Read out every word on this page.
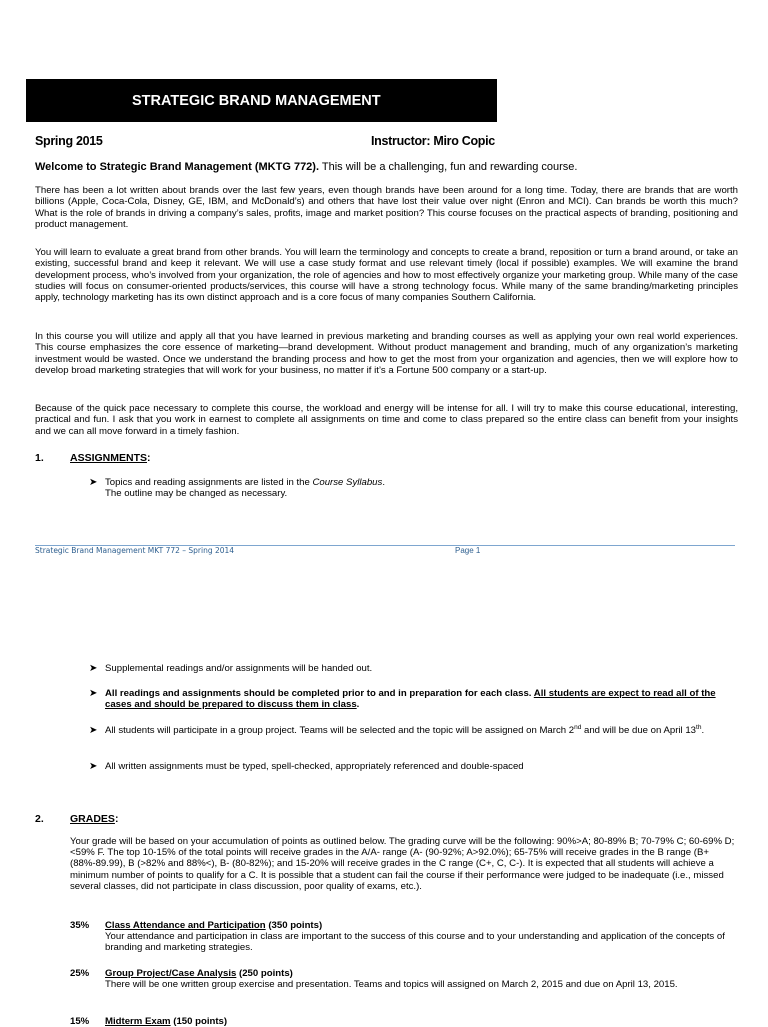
STRATEGIC BRAND MANAGEMENT
Spring 2015	Instructor: Miro Copic
Welcome to Strategic Brand Management (MKTG 772). This will be a challenging, fun and rewarding course.
There has been a lot written about brands over the last few years, even though brands have been around for a long time. Today, there are brands that are worth billions (Apple, Coca-Cola, Disney, GE, IBM, and McDonald’s) and others that have lost their value over night (Enron and MCI). Can brands be worth this much? What is the role of brands in driving a company’s sales, profits, image and market position? This course focuses on the practical aspects of branding, positioning and product management.
You will learn to evaluate a great brand from other brands. You will learn the terminology and concepts to create a brand, reposition or turn a brand around, or take an existing, successful brand and keep it relevant. We will use a case study format and use relevant timely (local if possible) examples. We will examine the brand development process, who’s involved from your organization, the role of agencies and how to most effectively organize your marketing group. While many of the case studies will focus on consumer-oriented products/services, this course will have a strong technology focus. While many of the same branding/marketing principles apply, technology marketing has its own distinct approach and is a core focus of many companies Southern California.
In this course you will utilize and apply all that you have learned in previous marketing and branding courses as well as applying your own real world experiences. This course emphasizes the core essence of marketing—brand development. Without product management and branding, much of any organization’s marketing investment would be wasted. Once we understand the branding process and how to get the most from your organization and agencies, then we will explore how to develop broad marketing strategies that will work for your business, no matter if it’s a Fortune 500 company or a start-up.
Because of the quick pace necessary to complete this course, the workload and energy will be intense for all. I will try to make this course educational, interesting, practical and fun. I ask that you work in earnest to complete all assignments on time and come to class prepared so the entire class can benefit from your insights and we can all move forward in a timely fashion.
1. ASSIGNMENTS:
➤ Topics and reading assignments are listed in the Course Syllabus.
The outline may be changed as necessary.
Strategic Brand Management MKT 772 – Spring 2014	Page 1
➤ Supplemental readings and/or assignments will be handed out.
➤ All readings and assignments should be completed prior to and in preparation for each class. All students are expect to read all of the cases and should be prepared to discuss them in class.
➤ All students will participate in a group project. Teams will be selected and the topic will be assigned on March 2nd and will be due on April 13th.
➤ All written assignments must be typed, spell-checked, appropriately referenced and double-spaced
2. GRADES:
Your grade will be based on your accumulation of points as outlined below. The grading curve will be the following: 90%>A; 80-89% B; 70-79% C; 60-69% D; <59% F. The top 10-15% of the total points will receive grades in the A/A- range (A- (90-92%; A>92.0%); 65-75% will receive grades in the B range (B+ (88%-89.99), B (>82% and 88%<), B- (80-82%); and 15-20% will receive grades in the C range (C+, C, C-). It is expected that all students will achieve a minimum number of points to qualify for a C. It is possible that a student can fail the course if their performance were judged to be inadequate (i.e., missed several classes, did not participate in class discussion, poor quality of exams, etc.).
35% Class Attendance and Participation (350 points)
Your attendance and participation in class are important to the success of this course and to your understanding and application of the concepts of branding and marketing strategies.
25% Group Project/Case Analysis (250 points)
There will be one written group exercise and presentation. Teams and topics will assigned on March 2, 2015 and due on April 13, 2015.
15% Midterm Exam (150 points)
